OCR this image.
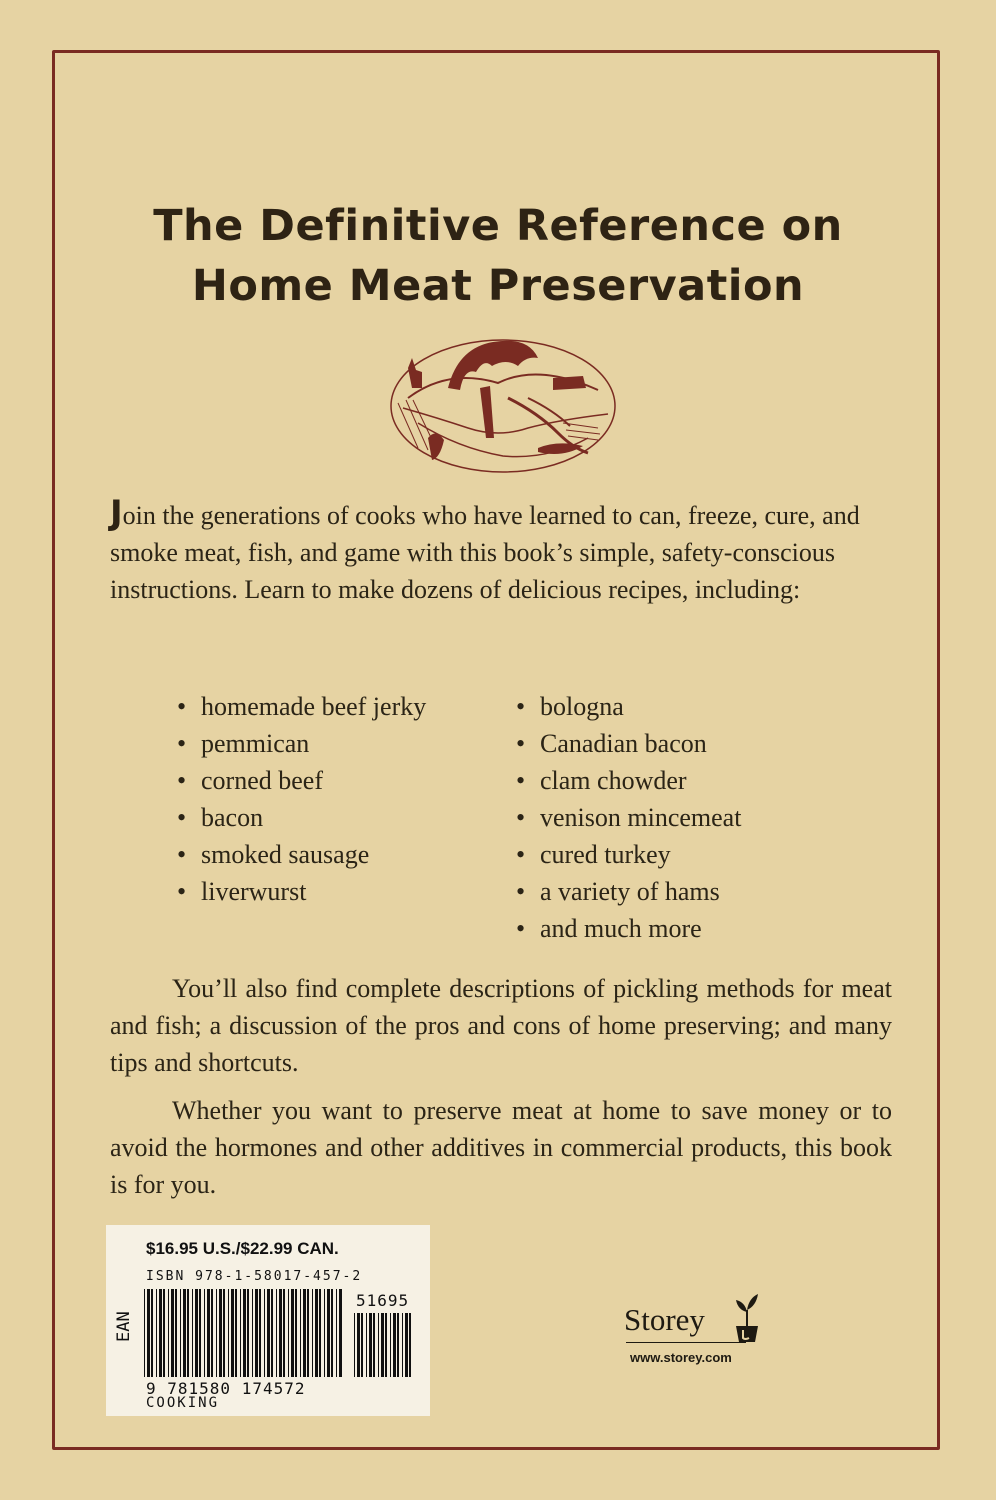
The Definitive Reference on
Home Meat Preservation
Join the generations of cooks who have learned to can, freeze, cure, and smoke meat, fish, and game with this book’s simple, safety-conscious instructions. Learn to make dozens of delicious recipes, including:
• homemade beef jerky
• pemmican
• corned beef
• bacon
• smoked sausage
• liverwurst
• bologna
• Canadian bacon
• clam chowder
• venison mincemeat
• cured turkey
• a variety of hams
• and much more

You’ll also find complete descriptions of pickling methods for meat and fish; a discussion of the pros and cons of home preserving; and many tips and shortcuts.

Whether you want to preserve meat at home to save money or to avoid the hormones and other additives in commercial products, this book is for you.

$16.95 U.S./$22.99 CAN.
ISBN 978-1-58017-457-2
EAN
51695
9 781580 174572
COOKING
Storey
www.storey.com
